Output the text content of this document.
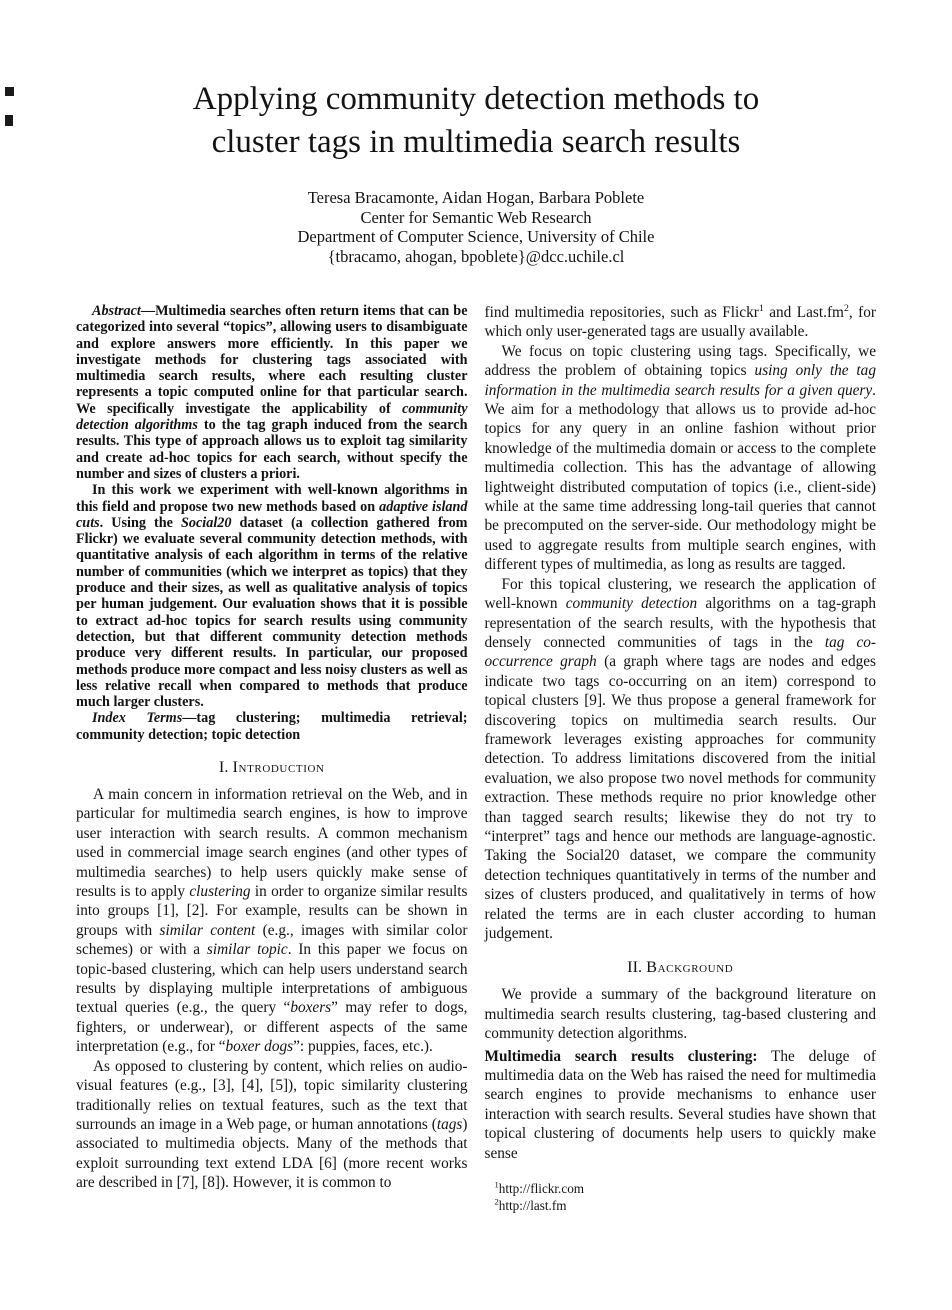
Applying community detection methods to
cluster tags in multimedia search results
Teresa Bracamonte, Aidan Hogan, Barbara Poblete
Center for Semantic Web Research
Department of Computer Science, University of Chile
{tbracamo, ahogan, bpoblete}@dcc.uchile.cl

Abstract—Multimedia searches often return items that can be categorized into several “topics”, allowing users to disambiguate and explore answers more efficiently. In this paper we investigate methods for clustering tags associated with multimedia search results, where each resulting cluster represents a topic computed online for that particular search. We specifically investigate the applicability of community detection algorithms to the tag graph induced from the search results. This type of approach allows us to exploit tag similarity and create ad-hoc topics for each search, without specify the number and sizes of clusters a priori.

In this work we experiment with well-known algorithms in this field and propose two new methods based on adaptive island cuts. Using the Social20 dataset (a collection gathered from Flickr) we evaluate several community detection methods, with quantitative analysis of each algorithm in terms of the relative number of communities (which we interpret as topics) that they produce and their sizes, as well as qualitative analysis of topics per human judgement. Our evaluation shows that it is possible to extract ad-hoc topics for search results using community detection, but that different community detection methods produce very different results. In particular, our proposed methods produce more compact and less noisy clusters as well as less relative recall when compared to methods that produce much larger clusters.

Index Terms—tag clustering; multimedia retrieval; community detection; topic detection

I. Introduction

A main concern in information retrieval on the Web, and in particular for multimedia search engines, is how to improve user interaction with search results. A common mechanism used in commercial image search engines (and other types of multimedia searches) to help users quickly make sense of results is to apply clustering in order to organize similar results into groups [1], [2]. For example, results can be shown in groups with similar content (e.g., images with similar color schemes) or with a similar topic. In this paper we focus on topic-based clustering, which can help users understand search results by displaying multiple interpretations of ambiguous textual queries (e.g., the query “boxers” may refer to dogs, fighters, or underwear), or different aspects of the same interpretation (e.g., for “boxer dogs”: puppies, faces, etc.).

As opposed to clustering by content, which relies on audio-visual features (e.g., [3], [4], [5]), topic similarity clustering traditionally relies on textual features, such as the text that surrounds an image in a Web page, or human annotations (tags) associated to multimedia objects. Many of the methods that exploit surrounding text extend LDA [6] (more recent works are described in [7], [8]). However, it is common to

find multimedia repositories, such as Flickr$^1$ and $Last.fm^2$, for which only user-generated tags are usually available.

We focus on topic clustering using tags. Specifically, we address the problem of obtaining topics using only the tag information in the multimedia search results for a given query. We aim for a methodology that allows us to provide ad-hoc topics for any query in an online fashion without prior knowledge of the multimedia domain or access to the complete multimedia collection. This has the advantage of allowing lightweight distributed computation of topics (i.e., client-side) while at the same time addressing long-tail queries that cannot be precomputed on the server-side. Our methodology might be used to aggregate results from multiple search engines, with different types of multimedia, as long as results are tagged.

For this topical clustering, we research the application of well-known community detection algorithms on a tag-graph representation of the search results, with the hypothesis that densely connected communities of tags in the tag co-occurrence graph (a graph where tags are nodes and edges indicate two tags co-occurring on an item) correspond to topical clusters [9]. We thus propose a general framework for discovering topics on multimedia search results. Our framework leverages existing approaches for community detection. To address limitations discovered from the initial evaluation, we also propose two novel methods for community extraction. These methods require no prior knowledge other than tagged search results; likewise they do not try to “interpret” tags and hence our methods are language-agnostic. Taking the Social20 dataset, we compare the community detection techniques quantitatively in terms of the number and sizes of clusters produced, and qualitatively in terms of how related the terms are in each cluster according to human judgement.

II. Background

We provide a summary of the background literature on multimedia search results clustering, tag-based clustering and community detection algorithms.

Multimedia search results clustering: The deluge of multimedia data on the Web has raised the need for multimedia search engines to provide mechanisms to enhance user interaction with search results. Several studies have shown that topical clustering of documents help users to quickly make sense

$^1$http://flickr.com
$^2$http://last.fm
